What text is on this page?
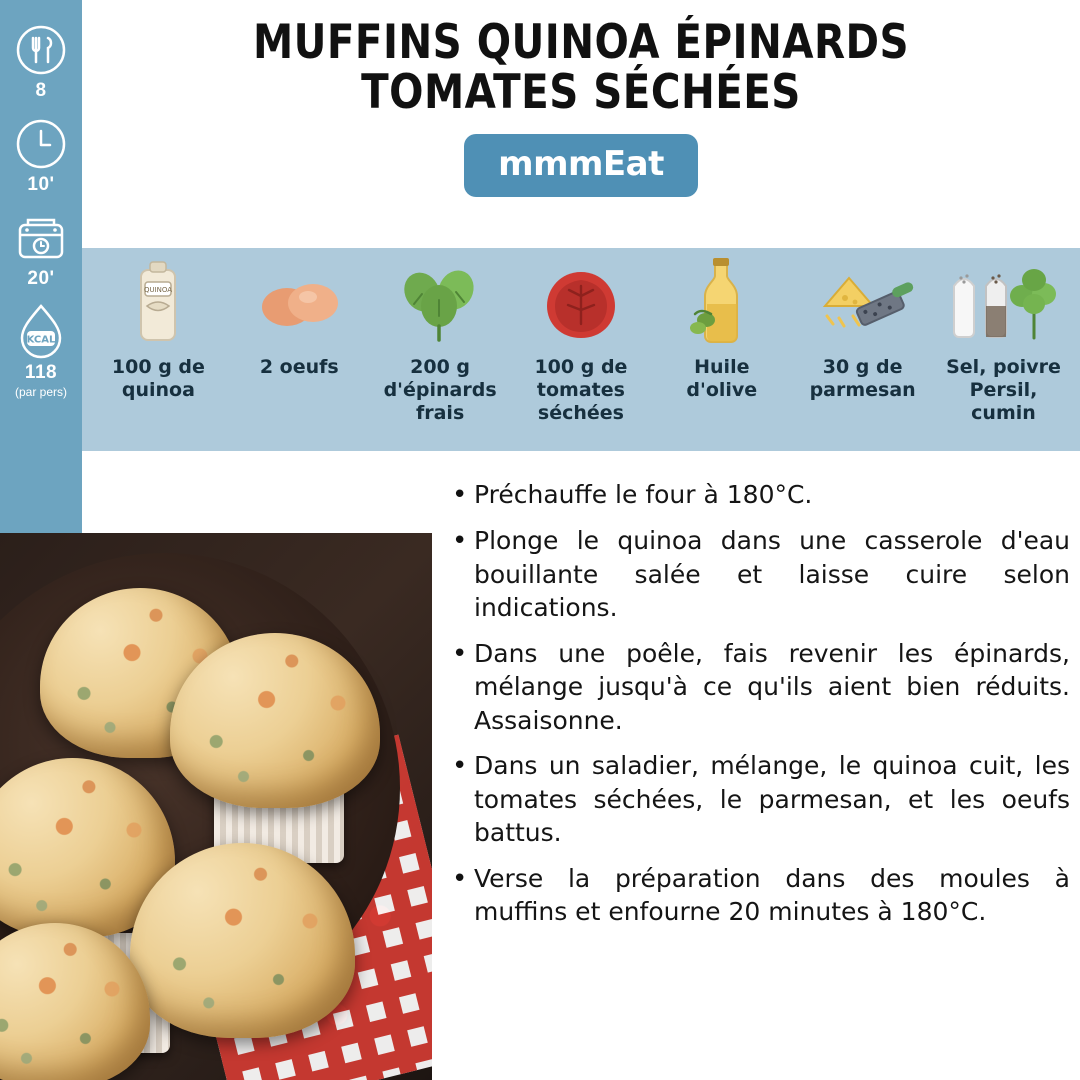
8
10'
20'
KCAL
118
(par pers)
MUFFINS QUINOA ÉPINARDS TOMATES SÉCHÉES
mmmEat
QUINOA
100 g de quinoa
2 oeufs	200 g d'épinards frais
100 g de tomates séchées
Huile d'olive
30 g de parmesan
Sel, poivre Persil, cumin
• Préchauffe le four à 180°C.
• Plonge le quinoa dans une casserole d'eau bouillante salée et laisse cuire selon indications.
• Dans une poêle, fais revenir les épinards, mélange jusqu'à ce qu'ils aient bien réduits. Assaisonne.
• Dans un saladier, mélange, le quinoa cuit, les tomates séchées, le parmesan, et les oeufs battus.
• Verse la préparation dans des moules à muffins et enfourne 20 minutes à 180°C.
